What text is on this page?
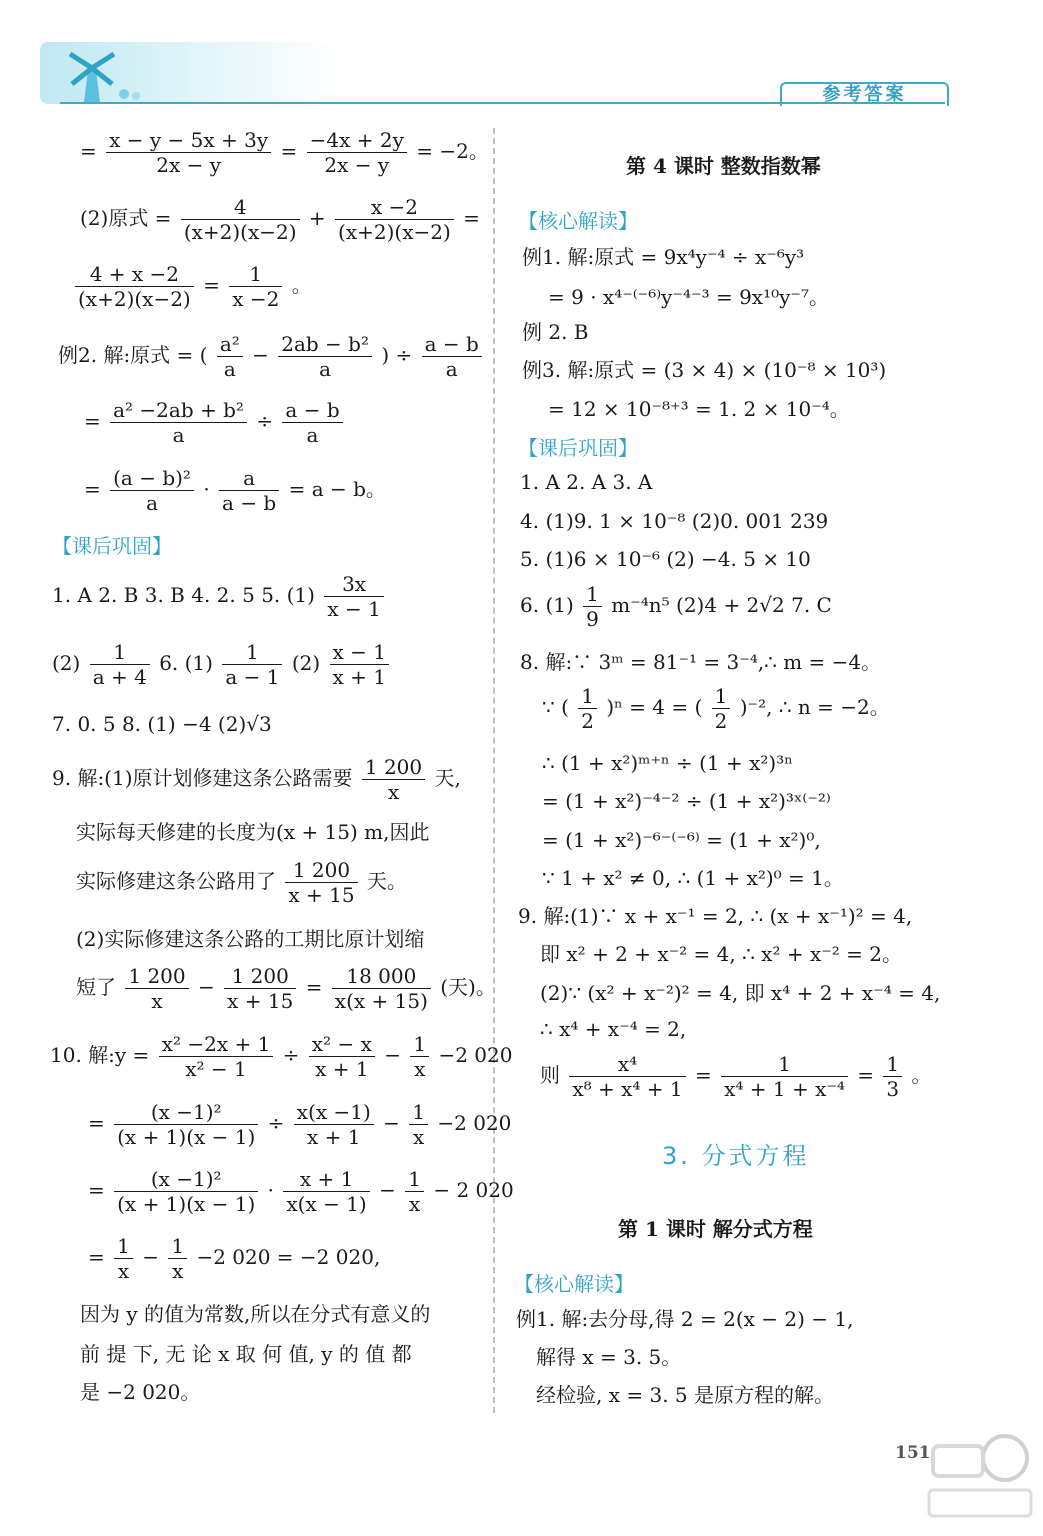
参考答案
= $\frac{x - y - 5x + 3y}{2x - y} = \frac{-4x + 2y}{2x - y} = -2$。
(2)原式 = $\frac{4}{(x+2)(x-2)} + \frac{x -2}{(x+2)(x-2)}$ =
$\frac{4 + x -2}{(x+2)(x-2)} = \frac{1}{x -2}$ 。
例2. 解:原式 = ( $\frac{\text{a²}}{a} - \frac{\text{2ab − b²}}{a}$ ) ÷ $\frac{a - b}{a}$
= $\frac{\text{a² −2ab + b²}}{a} \div \frac{a - b}{a}$
= $\frac{\text{(a − b)²}}{a} \cdot \frac{a}{a - b} = a - b$。
【课后巩固】
1. A 2. B 3. B 4. 2. 5 5. $(1) \frac{3x}{x - 1}$
$(2) \frac{1}{a + 4} 6$. $(1) \frac{1}{a - 1} (2) \frac{x - 1}{x + 1}$
7. 0. 5 8. (1) −4 (2)√3
9. 解:(1)原计划修建这条公路需要 $\frac{1 200}{x}$ 天,
实际每天修建的长度为(x + 15) m,因此
实际修建这条公路用了 $\frac{1 200}{x + 15}$ 天。
(2)实际修建这条公路的工期比原计划缩
短了 $\frac{1 200}{x} - \frac{1 200}{x + 15} = \frac{18 000}{x(x + 15)}$ (天)。
10. 解:y = $\frac{\text{x² −2x + 1}}{\text{x² − 1}} \div \frac{\text{x² − x}}{x + 1} - \frac{1}{x} -2$ 020
= $\frac{\text{(x −1)²}}{(x + 1)(x - 1)} \div \frac{x(x -1)}{x + 1} - \frac{1}{x} -2$ 020
= $\frac{\text{(x −1)²}}{(x + 1)(x - 1)} \cdot \frac{x + 1}{x(x - 1)} - \frac{1}{x} - 2$ 020
= $\frac{1}{x} - \frac{1}{x} -2$ 020 = −2 020,
因为 y 的值为常数,所以在分式有意义的
前 提 下, 无 论 x 取 何 值, y 的 值 都
是 −2 020。
第 4 课时 整数指数幂
【核心解读】
例1. 解:原式 = 9x⁴y⁻⁴ ÷ x⁻⁶y³
= 9 · x⁴⁻⁽⁻⁶⁾y⁻⁴⁻³ = 9x¹⁰y⁻⁷。
例 2. B
例3. 解:原式 = (3 × 4) × (10⁻⁸ × 10³)
= 12 × 10⁻⁸⁺³ = 1. 2 × 10⁻⁴。
【课后巩固】
1. A 2. A 3. A
4. (1)9. 1 × 10⁻⁸ (2)0. 001 239
5. (1)6 × 10⁻⁶ (2) −4. 5 × 10
6. $(1) \frac{1}{9} m^{-4}n^5$ (2)4 + 2√2 7. C
8. 解:∵ 3ᵐ = 81⁻¹ = 3⁻⁴,∴ m = −4。
∵ ( $\frac{1}{2} )^n = 4$ = ( $\frac{1}{2} )^{-2}$, ∴ n = −2。
∴ (1 + x²)ᵐ⁺ⁿ ÷ (1 + x²)³ⁿ
= (1 + x²)⁻⁴⁻² ÷ (1 + x²)³ˣ⁽⁻²⁾
= (1 + x²)⁻⁶⁻⁽⁻⁶⁾ = (1 + x²)⁰,
∵ 1 + x² ≠ 0, ∴ (1 + x²)⁰ = 1。
9. 解:(1)∵ x + x⁻¹ = 2, ∴ (x + x⁻¹)² = 4,
即 x² + 2 + x⁻² = 4, ∴ x² + x⁻² = 2。
(2)∵ (x² + x⁻²)² = 4, 即 x⁴ + 2 + x⁻⁴ = 4,
∴ x⁴ + x⁻⁴ = 2,
则 $\frac{\text{x⁴}}{\text{x⁸ + x⁴ + 1}} = \frac{1}{\text{x⁴ + 1 + x⁻⁴}} = \frac{1}{3}$ 。
3. 分式方程
第 1 课时 解分式方程
【核心解读】
例1. 解:去分母,得 2 = 2(x − 2) − 1,
解得 x = 3. 5。
经检验, x = 3. 5 是原方程的解。
151
